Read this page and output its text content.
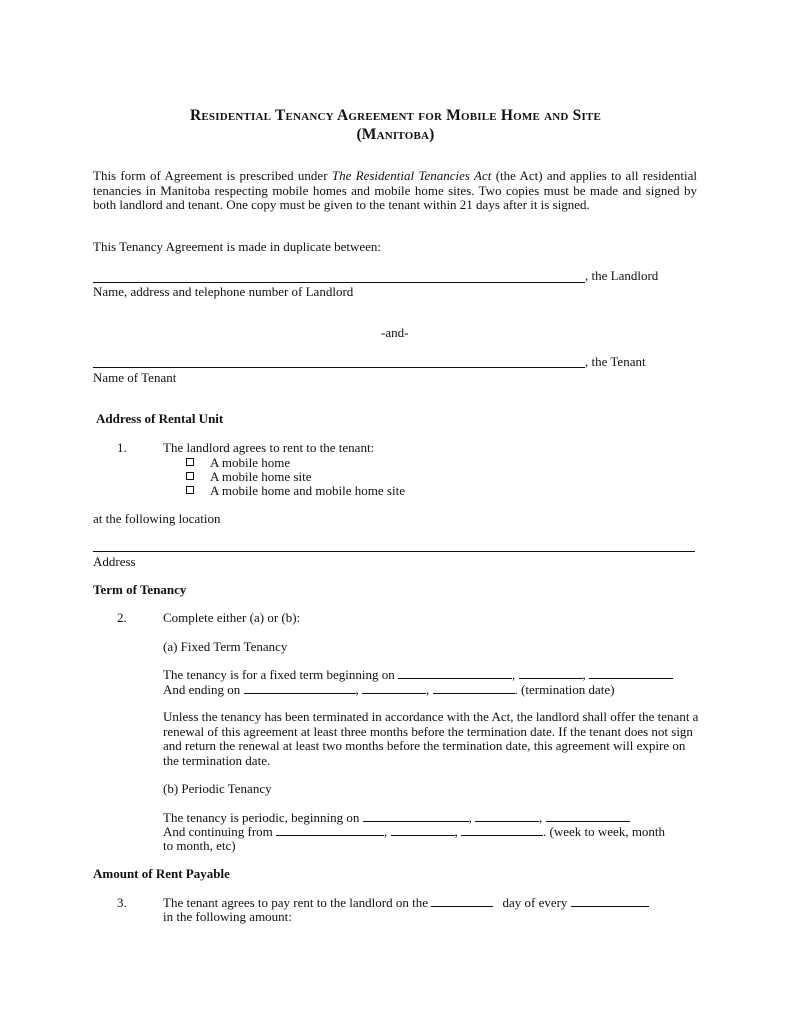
Residential Tenancy Agreement for Mobile Home and Site
(Manitoba)
This form of Agreement is prescribed under The Residential Tenancies Act (the Act) and applies to all residential tenancies in Manitoba respecting mobile homes and mobile home sites. Two copies must be made and signed by both landlord and tenant. One copy must be given to the tenant within 21 days after it is signed.
This Tenancy Agreement is made in duplicate between:
, the Landlord
Name, address and telephone number of Landlord
-and-
, the Tenant
Name of Tenant
Address of Rental Unit
1.	The landlord agrees to rent to the tenant:
A mobile home
A mobile home site
A mobile home and mobile home site
at the following location
Address
Term of Tenancy
2.	Complete either (a) or (b):
(a) Fixed Term Tenancy
The tenancy is for a fixed term beginning on	,	,
And ending on	,	,	. (termination date)
Unless the tenancy has been terminated in accordance with the Act, the landlord shall offer the tenant a renewal of this agreement at least three months before the termination date. If the tenant does not sign and return the renewal at least two months before the termination date, this agreement will expire on the termination date.
(b) Periodic Tenancy
The tenancy is periodic, beginning on	,	,
And continuing from	,	,	. (week to week, month
to month, etc)
Amount of Rent Payable
3.	The tenant agrees to pay rent to the landlord on the	day of every
in the following amount:
